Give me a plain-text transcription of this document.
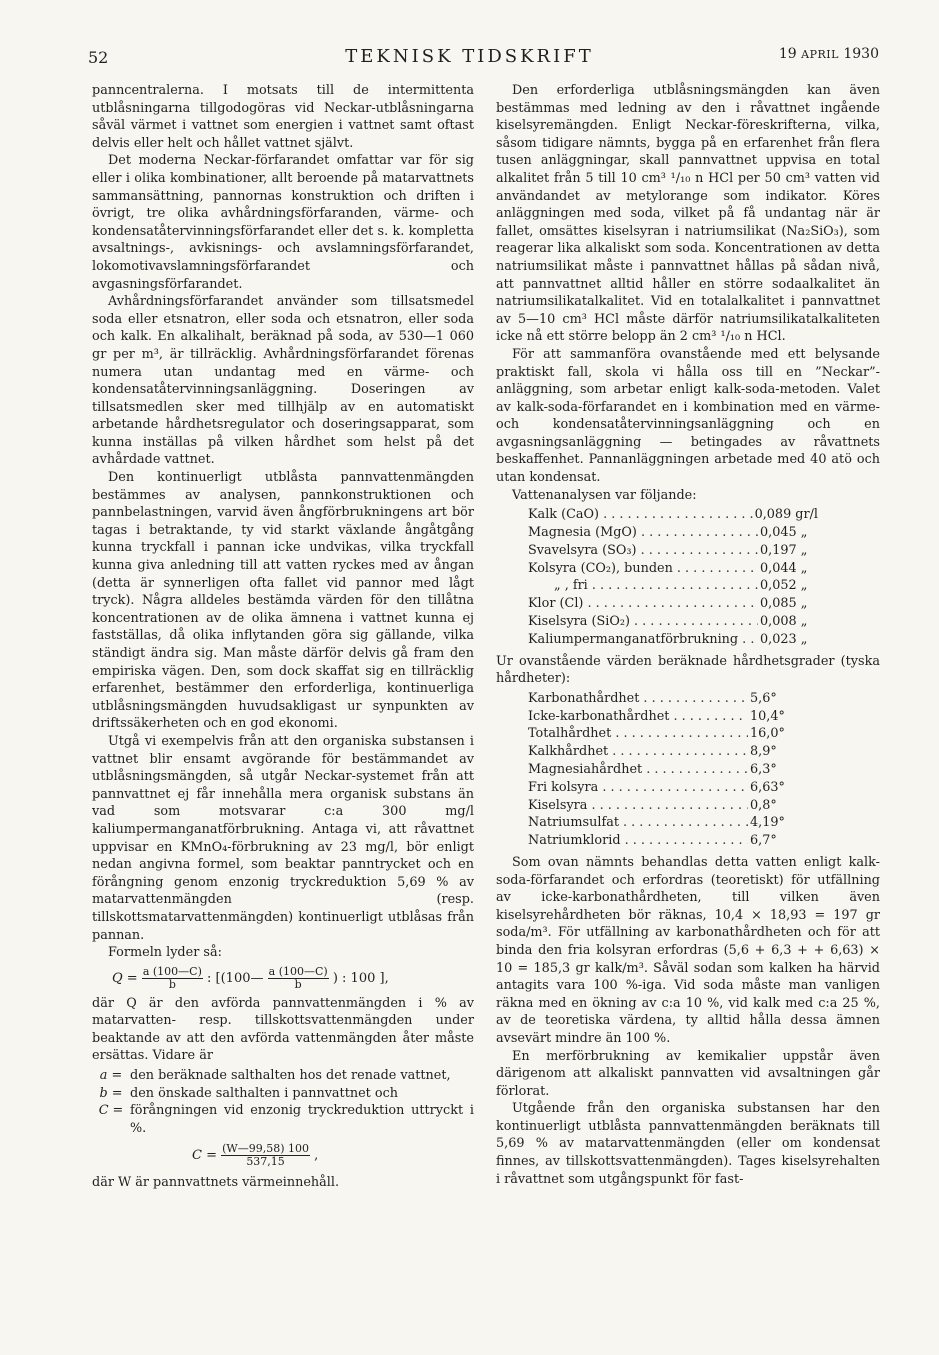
52	TEKNISK TIDSKRIFT	19 APRIL 1930

panncentralerna. I motsats till de intermittenta utblåsningarna tillgodogöras vid Neckar-utblåsningarna såväl värmet i vattnet som energien i vattnet samt oftast delvis eller helt och hållet vattnet självt.

Det moderna Neckar-förfarandet omfattar var för sig eller i olika kombinationer, allt beroende på matarvattnets sammansättning, pannornas konstruktion och driften i övrigt, tre olika avhårdningsförfaranden, värme- och kondensatåtervinningsförfarandet eller det s. k. kompletta avsaltnings-, avkisnings- och avslamningsförfarandet, lokomotivavslamningsförfarandet och avgasningsförfarandet.

Avhårdningsförfarandet använder som tillsatsmedel soda eller etsnatron, eller soda och etsnatron, eller soda och kalk. En alkalihalt, beräknad på soda, av 530—1 060 gr per m³, är tillräcklig. Avhårdningsförfarandet förenas numera utan undantag med en värme- och kondensatåtervinningsanläggning. Doseringen av tillsatsmedlen sker med tillhjälp av en automatiskt arbetande hårdhetsregulator och doseringsapparat, som kunna inställas på vilken hårdhet som helst på det avhårdade vattnet.

Den kontinuerligt utblåsta pannvattenmängden bestämmes av analysen, pannkonstruktionen och pannbelastningen, varvid även ångförbrukningens art bör tagas i betraktande, ty vid starkt växlande ångåtgång kunna tryckfall i pannan icke undvikas, vilka tryckfall kunna giva anledning till att vatten ryckes med av ångan (detta är synnerligen ofta fallet vid pannor med lågt tryck). Några alldeles bestämda värden för den tillåtna koncentrationen av de olika ämnena i vattnet kunna ej fastställas, då olika inflytanden göra sig gällande, vilka ständigt ändra sig. Man måste därför delvis gå fram den empiriska vägen. Den, som dock skaffat sig en tillräcklig erfarenhet, bestämmer den erforderliga, kontinuerliga utblåsningsmängden huvudsakligast ur synpunkten av driftssäkerheten och en god ekonomi.

Utgå vi exempelvis från att den organiska substansen i vattnet blir ensamt avgörande för bestämmandet av utblåsningsmängden, så utgår Neckar-systemet från att pannvattnet ej får innehålla mera organisk substans än vad som motsvarar c:a 300 mg/l kaliumpermanganatförbrukning. Antaga vi, att råvattnet uppvisar en KMnO₄-förbrukning av 23 mg/l, bör enligt nedan angivna formel, som beaktar panntrycket och en förångning genom enzonig tryckreduktion 5,69 % av matarvattenmängden (resp. tillskottsmatarvattenmängden) kontinuerligt utblåsas från pannan.

Formeln lyder så:

$Q = \frac{a (100—C)}{b}$ : [(100— $\frac{a (100—C)}{b}$ ) : 100 ],

där Q är den avförda pannvattenmängden i % av matarvatten- resp. tillskottsvattenmängden under beaktande av att den avförda vattenmängden åter måste ersättas. Vidare är

a = den beräknade salthalten hos det renade vattnet,
b = den önskade salthalten i pannvattnet och
C = förångningen vid enzonig tryckreduktion uttryckt i %.
$C = \frac{(W—99,58) 100}{537,15}$ ,

där W är pannvattnets värmeinnehåll.

Den erforderliga utblåsningsmängden kan även bestämmas med ledning av den i råvattnet ingående kiselsyremängden. Enligt Neckar-föreskrifterna, vilka, såsom tidigare nämnts, bygga på en erfarenhet från flera tusen anläggningar, skall pannvattnet uppvisa en total alkalitet från 5 till 10 cm³ ¹/₁₀ n HCl per 50 cm³ vatten vid användandet av metylorange som indikator. Köres anläggningen med soda, vilket på få undantag när är fallet, omsättes kiselsyran i natriumsilikat (Na₂SiO₃), som reagerar lika alkaliskt som soda. Koncentrationen av detta natriumsilikat måste i pannvattnet hållas på sådan nivå, att pannvattnet alltid håller en större sodaalkalitet än natriumsilikatalkalitet. Vid en totalalkalitet i pannvattnet av 5—10 cm³ HCl måste därför natriumsilikatalkaliteten icke nå ett större belopp än 2 cm³ ¹/₁₀ n HCl.

För att sammanföra ovanstående med ett belysande praktiskt fall, skola vi hålla oss till en ”Neckar”-anläggning, som arbetar enligt kalk-soda-metoden. Valet av kalk-soda-förfarandet en i kombination med en värme- och kondensatåtervinningsanläggning och en avgasningsanläggning — betingades av råvattnets beskaffenhet. Pannanläggningen arbetade med 40 atö och utan kondensat.

Vattenanalysen var följande:

Kalk (CaO) . . .	0,089 gr/l
Magnesia (MgO) . . .	0,045 „
Svavelsyra (SO₃) . . .	0,197 „
Kolsyra (CO₂), bunden . . .	0,044 „
„ , fri . . .	0,052 „
Klor (Cl) . . .	0,085 „
Kiselsyra (SiO₂) . . .	0,008 „
Kaliumpermanganatförbrukning . . .	0,023 „

Ur ovanstående värden beräknade hårdhetsgrader (tyska hårdheter):

Karbonathårdhet . . .	5,6°
Icke-karbonathårdhet . . .	10,4°
Totalhårdhet . . .	16,0°
Kalkhårdhet . . .	8,9°
Magnesiahårdhet . . .	6,3°
Fri kolsyra . . .	6,63°
Kiselsyra . . .	0,8°
Natriumsulfat . . .	4,19°
Natriumklorid . . .	6,7°

Som ovan nämnts behandlas detta vatten enligt kalk-soda-förfarandet och erfordras (teoretiskt) för utfällning av icke-karbonathårdheten, till vilken även kiselsyrehårdheten bör räknas, 10,4 × 18,93 = 197 gr soda/m³. För utfällning av karbonathårdheten och för att binda den fria kolsyran erfordras (5,6 + 6,3 + + 6,63) × 10 = 185,3 gr kalk/m³. Såväl sodan som kalken ha härvid antagits vara 100 %-iga. Vid soda måste man vanligen räkna med en ökning av c:a 10 %, vid kalk med c:a 25 %, av de teoretiska värdena, ty alltid hålla dessa ämnen avsevärt mindre än 100 %.

En merförbrukning av kemikalier uppstår även därigenom att alkaliskt pannvatten vid avsaltningen går förlorat.

Utgående från den organiska substansen har den kontinuerligt utblåsta pannvattenmängden beräknats till 5,69 % av matarvattenmängden (eller om kondensat finnes, av tillskottsvattenmängden). Tages kiselsyrehalten i råvattnet som utgångspunkt för fast-
